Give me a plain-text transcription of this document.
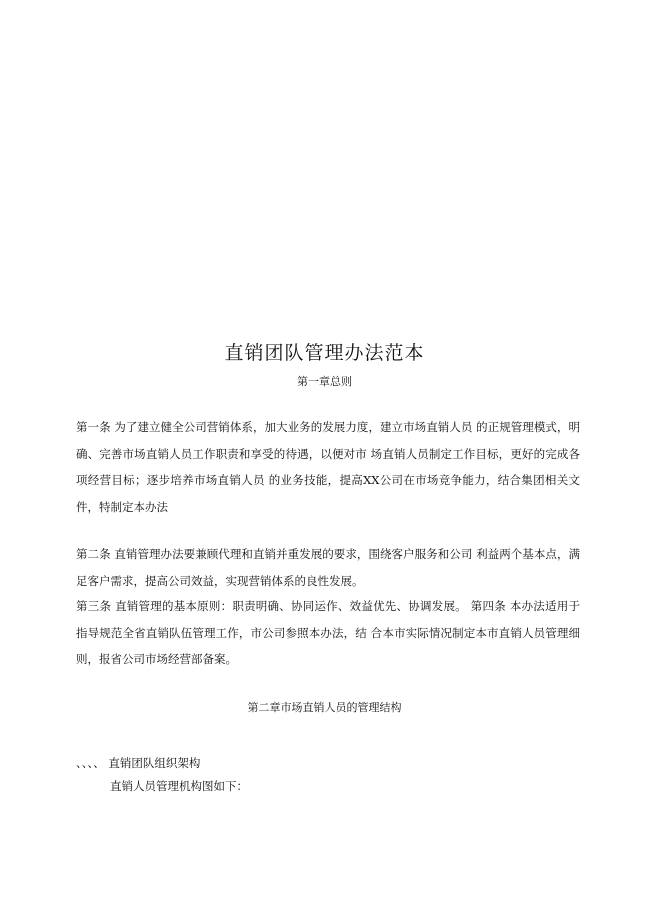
直销团队管理办法范本
第一章总则
第一条 为了建立健全公司营销体系，加大业务的发展力度，建立市场直销人员 的正规管理模式，明确、完善市场直销人员工作职责和享受的待遇，以便对市 场直销人员制定工作目标，更好的完成各项经营目标；逐步培养市场直销人员 的业务技能，提高XX公司在市场竞争能力，结合集团相关文件，特制定本办法
第二条 直销管理办法要兼顾代理和直销并重发展的要求，围绕客户服务和公司 利益两个基本点，满足客户需求，提高公司效益，实现营销体系的良性发展。
第三条 直销管理的基本原则：职责明确、协同运作、效益优先、协调发展。 第四条 本办法适用于指导规范全省直销队伍管理工作，市公司参照本办法，结 合本市实际情况制定本市直销人员管理细则，报省公司市场经营部备案。
第二章市场直销人员的管理结构
、、、、 直销团队组织架构
直销人员管理机构图如下：
